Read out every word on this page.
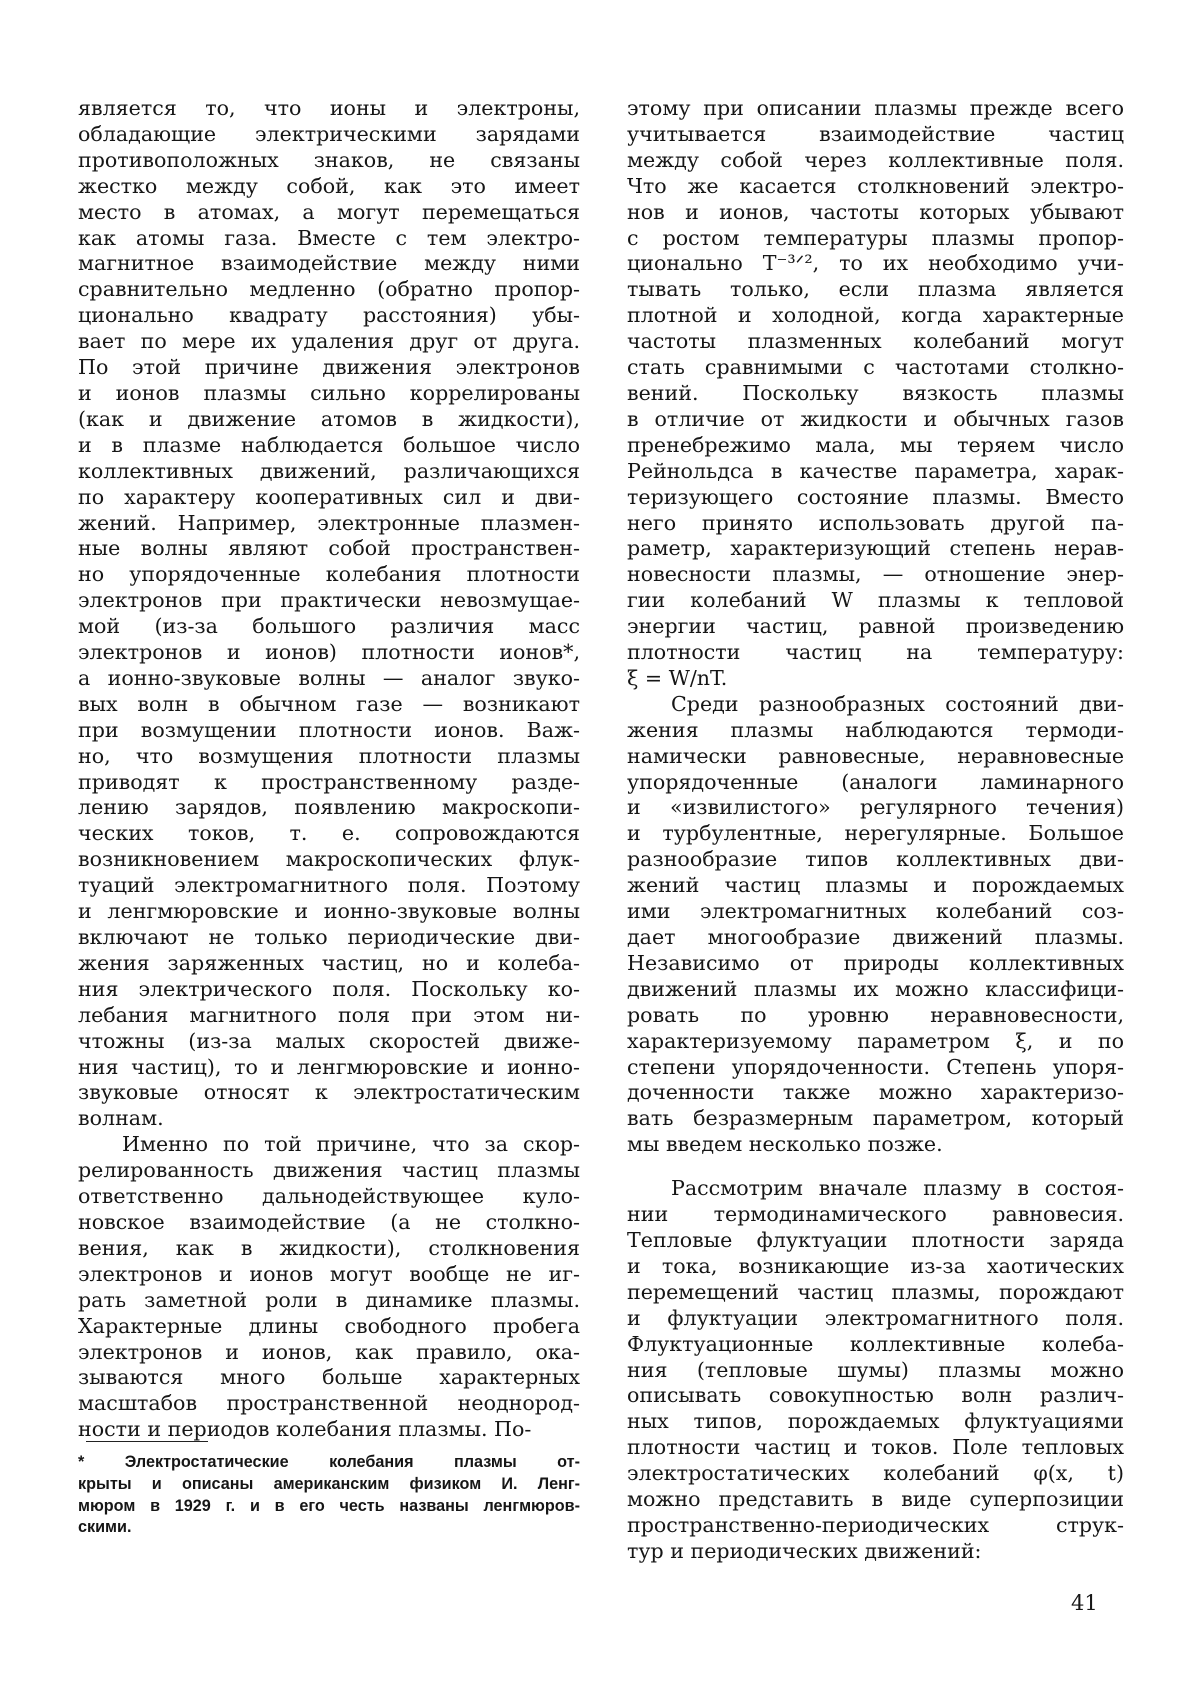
является то, что ионы и электроны,
обладающие электрическими зарядами
противоположных знаков, не связаны
жестко между собой, как это имеет
место в атомах, а могут перемещаться
как атомы газа. Вместе с тем электро-
магнитное взаимодействие между ними
сравнительно медленно (обратно пропор-
ционально квадрату расстояния) убы-
вает по мере их удаления друг от друга.
По этой причине движения электронов
и ионов плазмы сильно коррелированы
(как и движение атомов в жидкости),
и в плазме наблюдается большое число
коллективных движений, различающихся
по характеру кооперативных сил и дви-
жений. Например, электронные плазмен-
ные волны являют собой пространствен-
но упорядоченные колебания плотности
электронов при практически невозмущае-
мой (из-за большого различия масс
электронов и ионов) плотности ионов*,
а ионно-звуковые волны — аналог звуко-
вых волн в обычном газе — возникают
при возмущении плотности ионов. Важ-
но, что возмущения плотности плазмы
приводят к пространственному разде-
лению зарядов, появлению макроскопи-
ческих токов, т. е. сопровождаются
возникновением макроскопических флук-
туаций электромагнитного поля. Поэтому
и ленгмюровские и ионно-звуковые волны
включают не только периодические дви-
жения заряженных частиц, но и колеба-
ния электрического поля. Поскольку ко-
лебания магнитного поля при этом ни-
чтожны (из-за малых скоростей движе-
ния частиц), то и ленгмюровские и ионно-
звуковые относят к электростатическим
волнам.
Именно по той причине, что за скор-
релированность движения частиц плазмы
ответственно дальнодействующее куло-
новское взаимодействие (а не столкно-
вения, как в жидкости), столкновения
электронов и ионов могут вообще не иг-
рать заметной роли в динамике плазмы.
Характерные длины свободного пробега
электронов и ионов, как правило, ока-
зываются много больше характерных
масштабов пространственной неоднород-
ности и периодов колебания плазмы. По-
* Электростатические колебания плазмы от-
крыты и описаны американским физиком И. Ленг-
мюром в 1929 г. и в его честь названы ленгмюров-
скими.
этому при описании плазмы прежде всего
учитывается взаимодействие частиц
между собой через коллективные поля.
Что же касается столкновений электро-
нов и ионов, частоты которых убывают
с ростом температуры плазмы пропор-
ционально T⁻³ᐟ², то их необходимо учи-
тывать только, если плазма является
плотной и холодной, когда характерные
частоты плазменных колебаний могут
стать сравнимыми с частотами столкно-
вений. Поскольку вязкость плазмы
в отличие от жидкости и обычных газов
пренебрежимо мала, мы теряем число
Рейнольдса в качестве параметра, харак-
теризующего состояние плазмы. Вместо
него принято использовать другой па-
раметр, характеризующий степень нерав-
новесности плазмы, — отношение энер-
гии колебаний W плазмы к тепловой
энергии частиц, равной произведению
плотности частиц на температуру:
ξ = W/nT.
Среди разнообразных состояний дви-
жения плазмы наблюдаются термоди-
намически равновесные, неравновесные
упорядоченные (аналоги ламинарного
и «извилистого» регулярного течения)
и турбулентные, нерегулярные. Большое
разнообразие типов коллективных дви-
жений частиц плазмы и порождаемых
ими электромагнитных колебаний соз-
дает многообразие движений плазмы.
Независимо от природы коллективных
движений плазмы их можно классифици-
ровать по уровню неравновесности,
характеризуемому параметром ξ, и по
степени упорядоченности. Степень упоря-
доченности также можно характеризо-
вать безразмерным параметром, который
мы введем несколько позже.
Рассмотрим вначале плазму в состоя-
нии термодинамического равновесия.
Тепловые флуктуации плотности заряда
и тока, возникающие из-за хаотических
перемещений частиц плазмы, порождают
и флуктуации электромагнитного поля.
Флуктуационные коллективные колеба-
ния (тепловые шумы) плазмы можно
описывать совокупностью волн различ-
ных типов, порождаемых флуктуациями
плотности частиц и токов. Поле тепловых
электростатических колебаний φ(x, t)
можно представить в виде суперпозиции
пространственно-периодических струк-
тур и периодических движений:
41
